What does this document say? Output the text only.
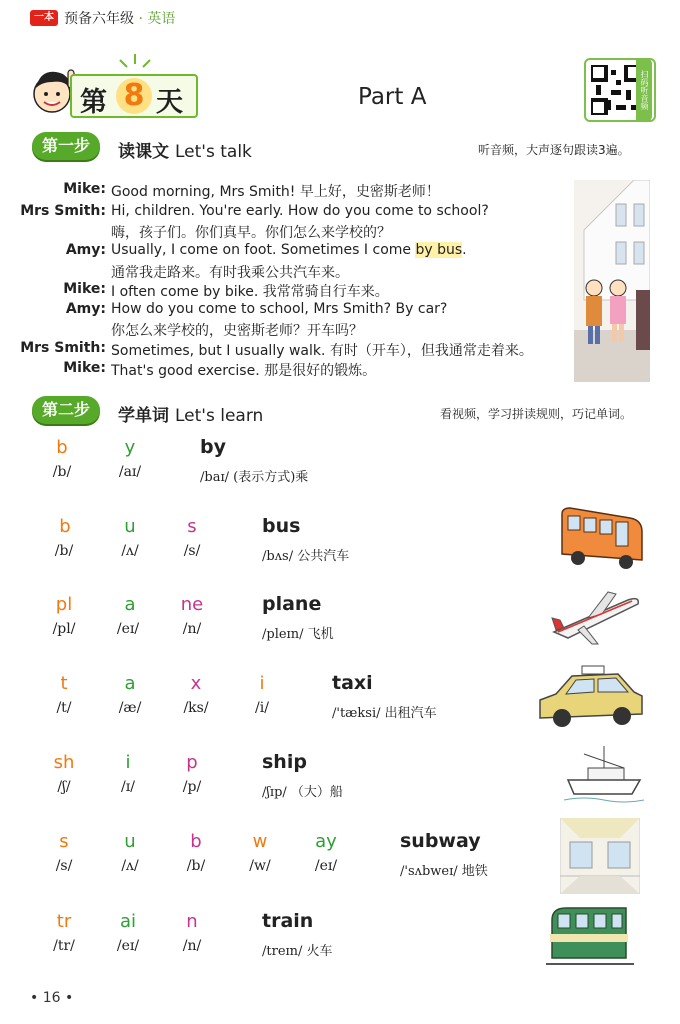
一本 预备六年级 · 英语
第 8 天	Part A	扫码听音频
第一步	读课文 Let's talk	听音频，大声逐句跟读3遍。
Mike: Good morning, Mrs Smith! 早上好，史密斯老师！
Mrs Smith: Hi, children. You're early. How do you come to school?
嗨，孩子们。你们真早。你们怎么来学校的？
Amy: Usually, I come on foot. Sometimes I come by bus.
通常我走路来。有时我乘公共汽车来。
Mike: I often come by bike. 我常常骑自行车来。
Amy: How do you come to school, Mrs Smith? By car?
你怎么来学校的，史密斯老师？开车吗？
Mrs Smith: Sometimes, but I usually walk. 有时（开车），但我通常走着来。
Mike: That's good exercise. 那是很好的锻炼。
第二步	学单词 Let's learn	看视频，学习拼读规则，巧记单词。
b	y
/b/	/aɪ/
by
/baɪ/ (表示方式)乘
b	u	s
/b/	/ʌ/	/s/
bus
/bʌs/ 公共汽车
pl	a	ne
/pl/	/eɪ/	/n/
plane
/pleɪn/ 飞机
t	a	x	i
/t/	/æ/	/ks/	/i/
taxi
/'tæksi/ 出租汽车
sh	i	p
/ʃ/	/ɪ/	/p/
ship
/ʃɪp/ （大）船
s	u	b	w	ay
/s/	/ʌ/	/b/	/w/	/eɪ/
subway
/'sʌbweɪ/ 地铁
tr	ai	n
/tr/	/eɪ/	/n/
train
/treɪn/ 火车
• 16 •
